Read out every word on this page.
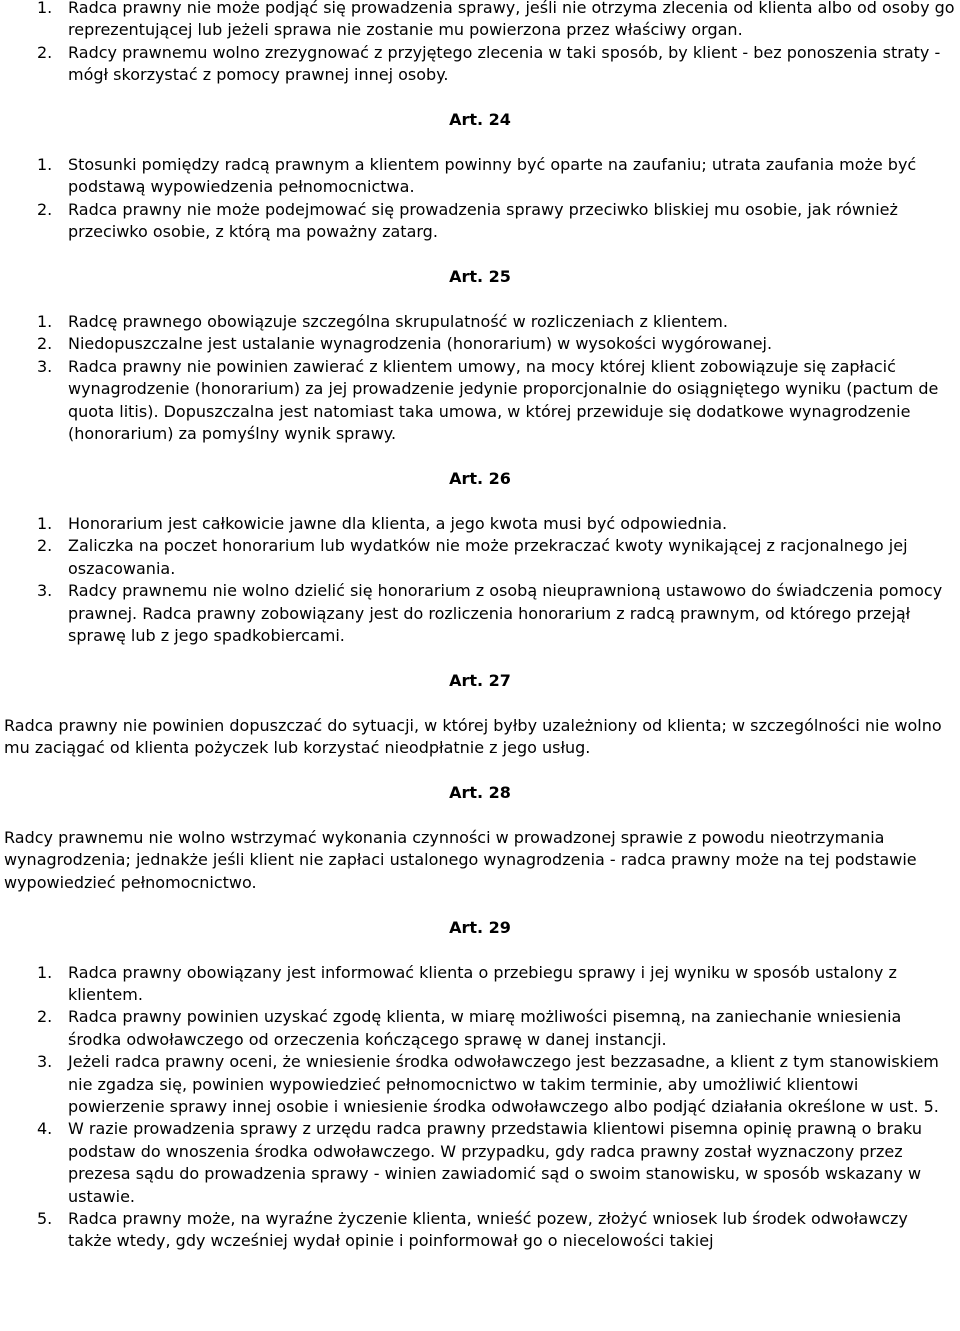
1. Radca prawny nie może podjąć się prowadzenia sprawy, jeśli nie otrzyma zlecenia od klienta albo od osoby go reprezentującej lub jeżeli sprawa nie zostanie mu powierzona przez właściwy organ.
2. Radcy prawnemu wolno zrezygnować z przyjętego zlecenia w taki sposób, by klient - bez ponoszenia straty - mógł skorzystać z pomocy prawnej innej osoby.
Art. 24
1. Stosunki pomiędzy radcą prawnym a klientem powinny być oparte na zaufaniu; utrata zaufania może być podstawą wypowiedzenia pełnomocnictwa.
2. Radca prawny nie może podejmować się prowadzenia sprawy przeciwko bliskiej mu osobie, jak również przeciwko osobie, z którą ma poważny zatarg.
Art. 25
1. Radcę prawnego obowiązuje szczególna skrupulatność w rozliczeniach z klientem.
2. Niedopuszczalne jest ustalanie wynagrodzenia (honorarium) w wysokości wygórowanej.
3. Radca prawny nie powinien zawierać z klientem umowy, na mocy której klient zobowiązuje się zapłacić wynagrodzenie (honorarium) za jej prowadzenie jedynie proporcjonalnie do osiągniętego wyniku (pactum de quota litis). Dopuszczalna jest natomiast taka umowa, w której przewiduje się dodatkowe wynagrodzenie (honorarium) za pomyślny wynik sprawy.
Art. 26
1. Honorarium jest całkowicie jawne dla klienta, a jego kwota musi być odpowiednia.
2. Zaliczka na poczet honorarium lub wydatków nie może przekraczać kwoty wynikającej z racjonalnego jej oszacowania.
3. Radcy prawnemu nie wolno dzielić się honorarium z osobą nieuprawnioną ustawowo do świadczenia pomocy prawnej. Radca prawny zobowiązany jest do rozliczenia honorarium z radcą prawnym, od którego przejął sprawę lub z jego spadkobiercami.
Art. 27

Radca prawny nie powinien dopuszczać do sytuacji, w której byłby uzależniony od klienta; w szczególności nie wolno mu zaciągać od klienta pożyczek lub korzystać nieodpłatnie z jego usług.

Art. 28

Radcy prawnemu nie wolno wstrzymać wykonania czynności w prowadzonej sprawie z powodu nieotrzymania wynagrodzenia; jednakże jeśli klient nie zapłaci ustalonego wynagrodzenia - radca prawny może na tej podstawie wypowiedzieć pełnomocnictwo.

Art. 29
1. Radca prawny obowiązany jest informować klienta o przebiegu sprawy i jej wyniku w sposób ustalony z klientem.
2. Radca prawny powinien uzyskać zgodę klienta, w miarę możliwości pisemną, na zaniechanie wniesienia środka odwoławczego od orzeczenia kończącego sprawę w danej instancji.
3. Jeżeli radca prawny oceni, że wniesienie środka odwoławczego jest bezzasadne, a klient z tym stanowiskiem nie zgadza się, powinien wypowiedzieć pełnomocnictwo w takim terminie, aby umożliwić klientowi powierzenie sprawy innej osobie i wniesienie środka odwoławczego albo podjąć działania określone w ust. 5.
4. W razie prowadzenia sprawy z urzędu radca prawny przedstawia klientowi pisemna opinię prawną o braku podstaw do wnoszenia środka odwoławczego. W przypadku, gdy radca prawny został wyznaczony przez prezesa sądu do prowadzenia sprawy - winien zawiadomić sąd o swoim stanowisku, w sposób wskazany w ustawie.
5. Radca prawny może, na wyraźne życzenie klienta, wnieść pozew, złożyć wniosek lub środek odwoławczy także wtedy, gdy wcześniej wydał opinie i poinformował go o niecelowości takiej
